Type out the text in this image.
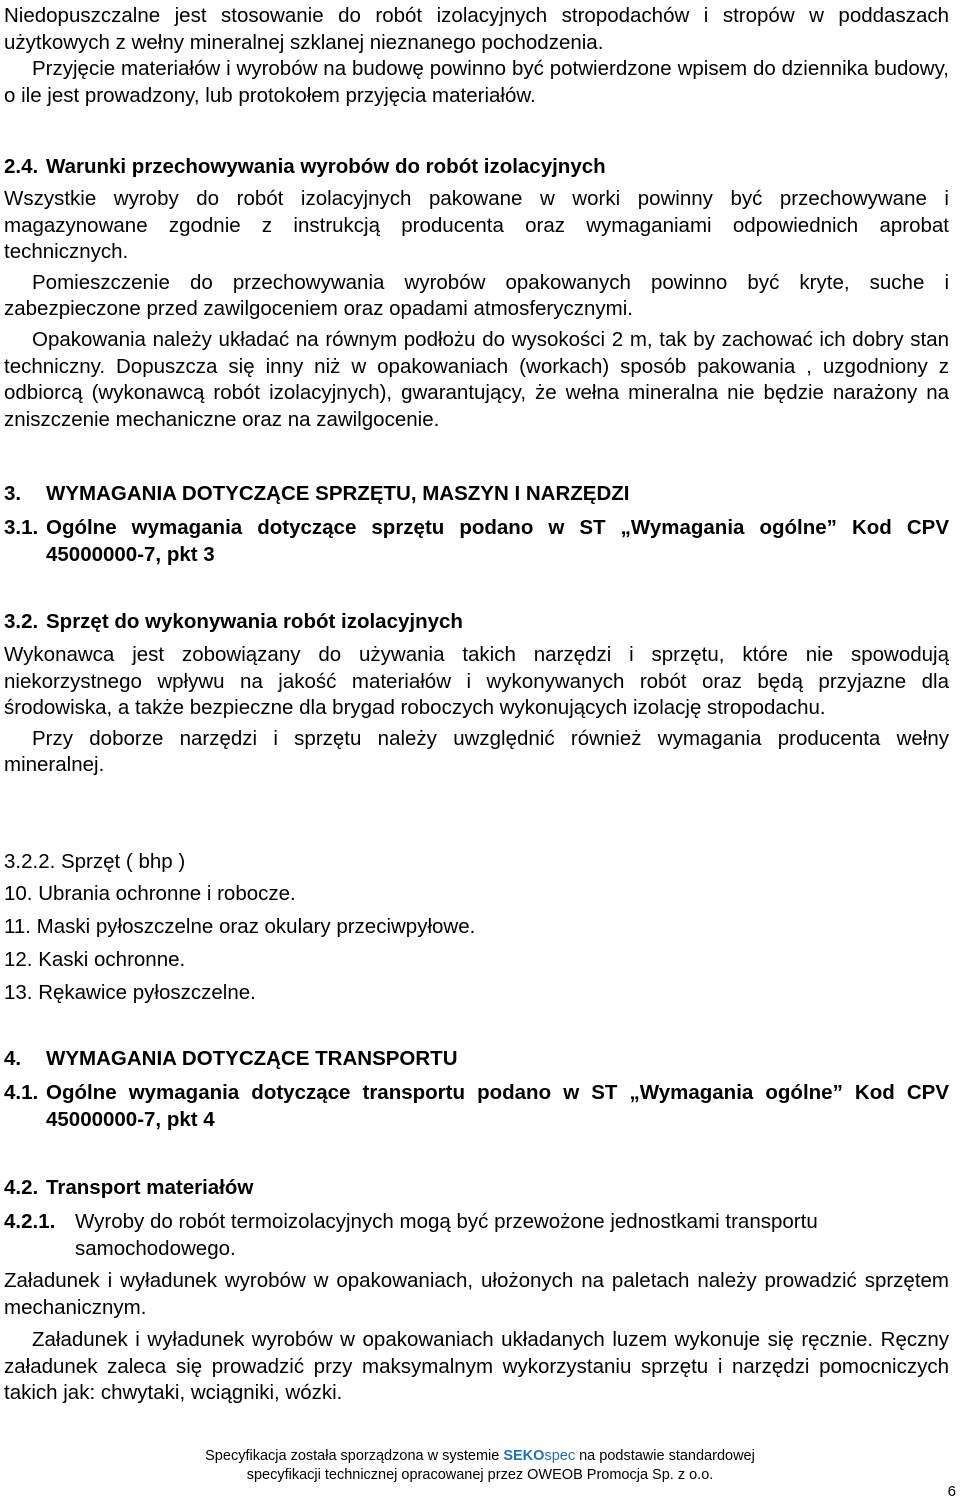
Niedopuszczalne jest stosowanie do robót izolacyjnych stropodachów i stropów w poddaszach użytkowych z wełny mineralnej szklanej nieznanego pochodzenia.

Przyjęcie materiałów i wyrobów na budowę powinno być potwierdzone wpisem do dziennika budowy, o ile jest prowadzony, lub protokołem przyjęcia materiałów.

2.4. Warunki przechowywania wyrobów do robót izolacyjnych

Wszystkie wyroby do robót izolacyjnych pakowane w worki powinny być przechowywane i magazynowane zgodnie z instrukcją producenta oraz wymaganiami odpowiednich aprobat technicznych.

Pomieszczenie do przechowywania wyrobów opakowanych powinno być kryte, suche i zabezpieczone przed zawilgoceniem oraz opadami atmosferycznymi.

Opakowania należy układać na równym podłożu do wysokości 2 m, tak by zachować ich dobry stan techniczny. Dopuszcza się inny niż w opakowaniach (workach) sposób pakowania , uzgodniony z odbiorcą (wykonawcą robót izolacyjnych), gwarantujący, że wełna mineralna nie będzie narażony na zniszczenie mechaniczne oraz na zawilgocenie.

3.	WYMAGANIA DOTYCZĄCE SPRZĘTU, MASZYN I NARZĘDZI
3.1. Ogólne wymagania dotyczące sprzętu podano w ST „Wymagania ogólne” Kod CPV 45000000-7, pkt 3
3.2. Sprzęt do wykonywania robót izolacyjnych

Wykonawca jest zobowiązany do używania takich narzędzi i sprzętu, które nie spowodują niekorzystnego wpływu na jakość materiałów i wykonywanych robót oraz będą przyjazne dla środowiska, a także bezpieczne dla brygad roboczych wykonujących izolację stropodachu.

Przy doborze narzędzi i sprzętu należy uwzględnić również wymagania producenta wełny mineralnej.

3.2.2. Sprzęt ( bhp )
10. Ubrania ochronne i robocze.
11. Maski pyłoszczelne oraz okulary przeciwpyłowe.
12. Kaski ochronne.
13. Rękawice pyłoszczelne.
4.	WYMAGANIA DOTYCZĄCE TRANSPORTU
4.1. Ogólne wymagania dotyczące transportu podano w ST „Wymagania ogólne” Kod CPV 45000000-7, pkt 4
4.2. Transport materiałów
4.2.1. Wyroby do robót termoizolacyjnych mogą być przewożone jednostkami transportu samochodowego.

Załadunek i wyładunek wyrobów w opakowaniach, ułożonych na paletach należy prowadzić sprzętem mechanicznym.

Załadunek i wyładunek wyrobów w opakowaniach układanych luzem wykonuje się ręcznie. Ręczny załadunek zaleca się prowadzić przy maksymalnym wykorzystaniu sprzętu i narzędzi pomocniczych takich jak: chwytaki, wciągniki, wózki.

Specyfikacja została sporządzona w systemie SEKOspec na podstawie standardowej
specyfikacji technicznej opracowanej przez OWEOB Promocja Sp. z o.o.
6
